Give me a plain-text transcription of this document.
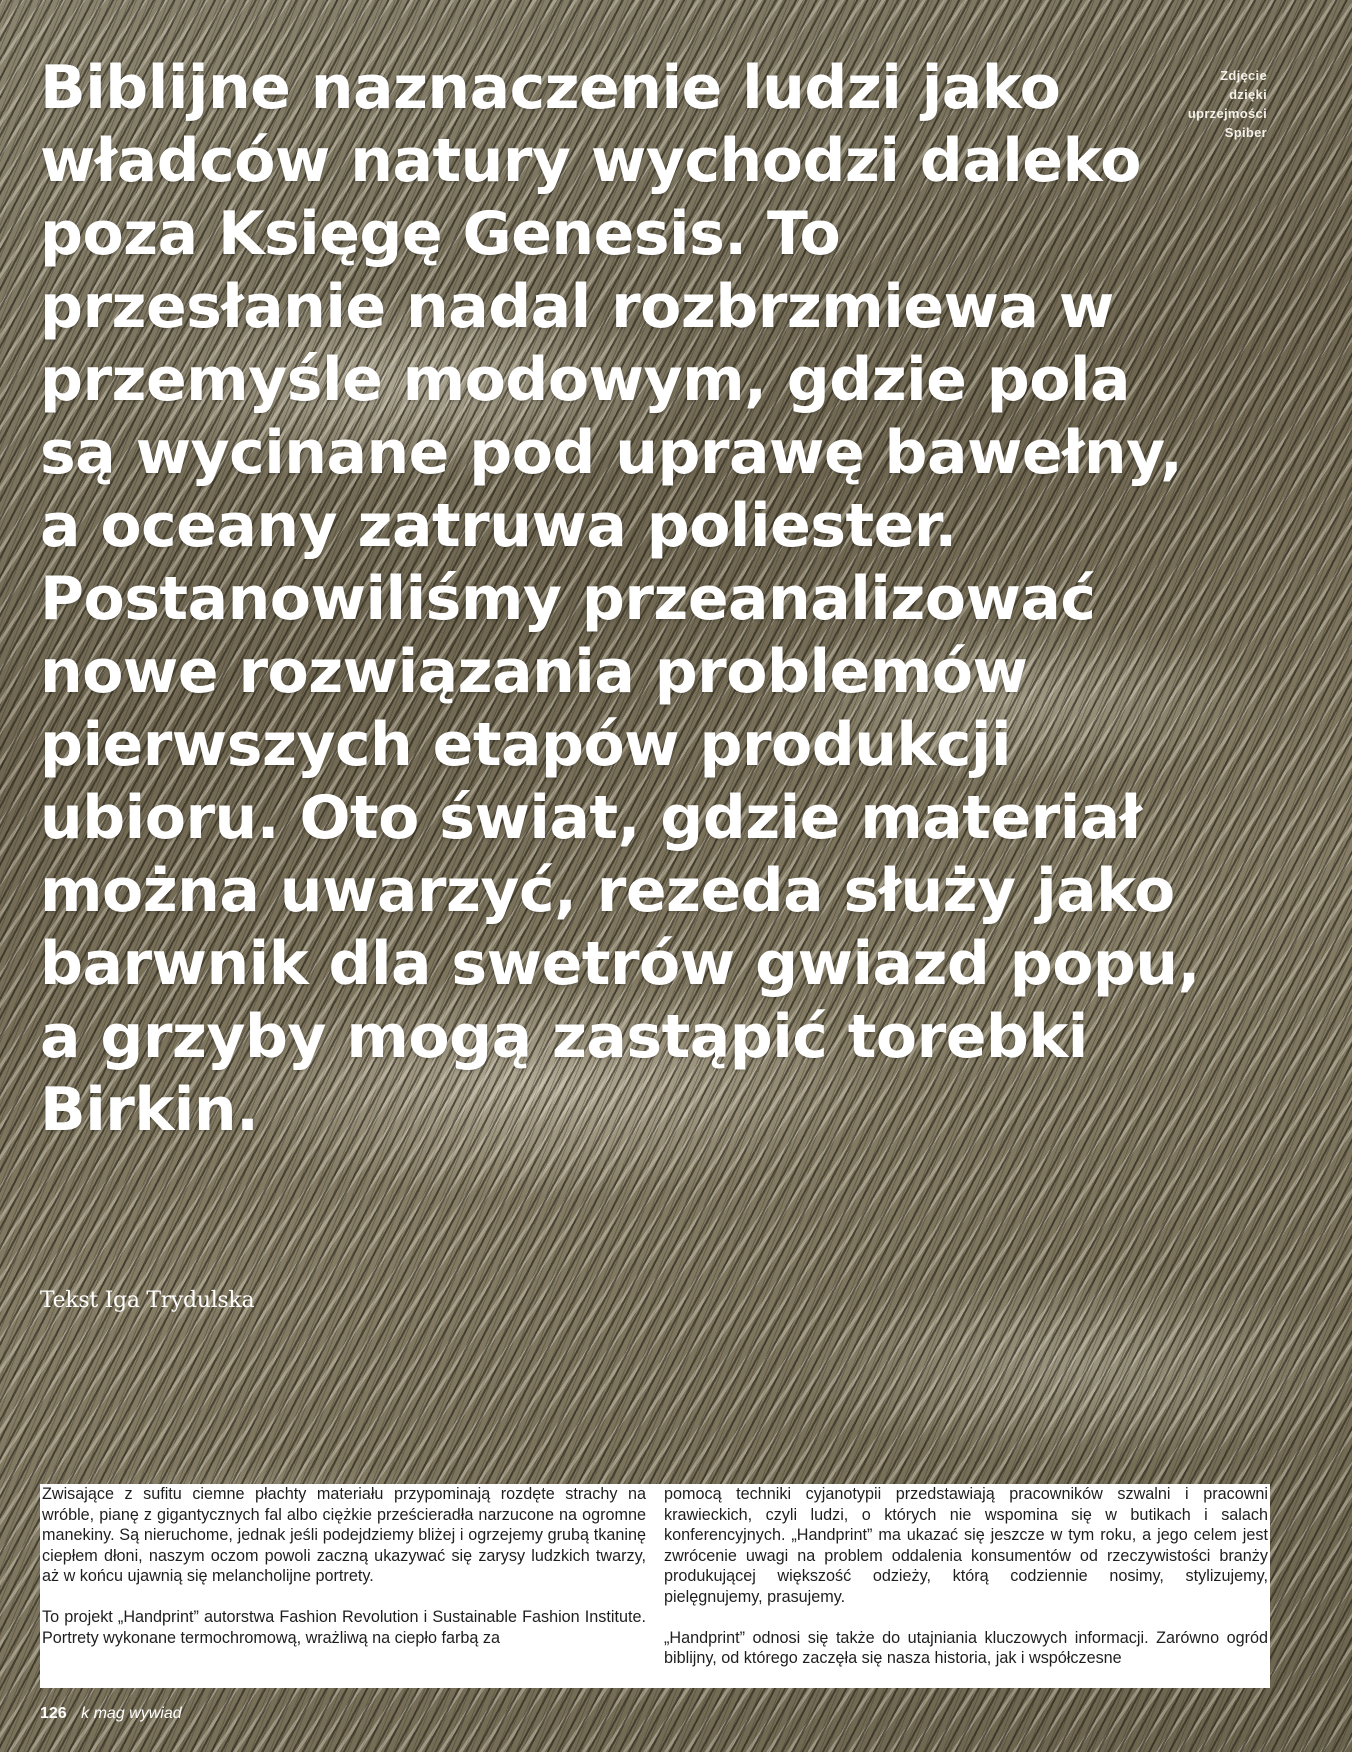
Zdjęcie
dzięki
uprzejmości
Spiber
Biblijne naznaczenie ludzi jako władców natury wychodzi daleko poza Księgę Genesis. To przesłanie nadal rozbrzmiewa w przemyśle modowym, gdzie pola są wycinane pod uprawę bawełny, a oceany zatruwa poliester. Postanowiliśmy przeanalizować nowe rozwiązania problemów pierwszych etapów produkcji ubioru. Oto świat, gdzie materiał można uwarzyć, rezeda służy jako barwnik dla swetrów gwiazd popu, a grzyby mogą zastąpić torebki Birkin.
Tekst Iga Trydulska

Zwisające z sufitu ciemne płachty materiału przypominają rozdęte strachy na wróble, pianę z gigantycznych fal albo ciężkie prześcieradła narzucone na ogromne manekiny. Są nieruchome, jednak jeśli podejdziemy bliżej i ogrzejemy grubą tkaninę ciepłem dłoni, naszym oczom powoli zaczną ukazywać się zarysy ludzkich twarzy, aż w końcu ujawnią się melancholijne portrety.

To projekt „Handprint” autorstwa Fashion Revolution i Sustainable Fashion Institute. Portrety wykonane termochromową, wrażliwą na ciepło farbą za

pomocą techniki cyjanotypii przedstawiają pracowników szwalni i pracowni krawieckich, czyli ludzi, o których nie wspomina się w butikach i salach konferencyjnych. „Handprint” ma ukazać się jeszcze w tym roku, a jego celem jest zwrócenie uwagi na problem oddalenia konsumentów od rzeczywistości branży produkującej większość odzieży, którą codziennie nosimy, stylizujemy, pielęgnujemy, prasujemy.

„Handprint” odnosi się także do utajniania kluczowych informacji. Zarówno ogród biblijny, od którego zaczęła się nasza historia, jak i współczesne

126 k mag wywiad
